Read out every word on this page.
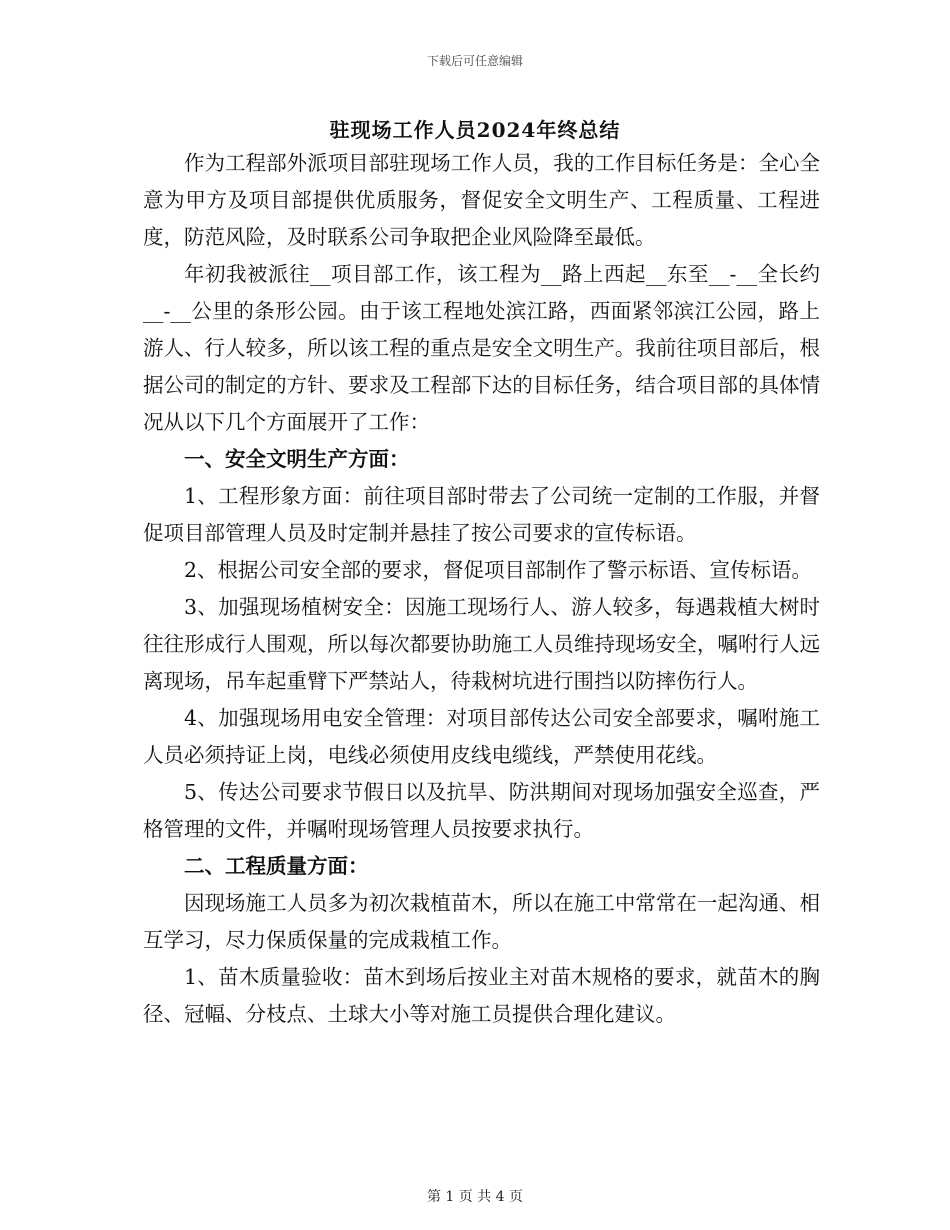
下载后可任意编辑
驻现场工作人员2024年终总结

作为工程部外派项目部驻现场工作人员，我的工作目标任务是：全心全意为甲方及项目部提供优质服务，督促安全文明生产、工程质量、工程进度，防范风险，及时联系公司争取把企业风险降至最低。

年初我被派往__项目部工作，该工程为__路上西起__东至__-__全长约__-__公里的条形公园。由于该工程地处滨江路，西面紧邻滨江公园，路上游人、行人较多，所以该工程的重点是安全文明生产。我前往项目部后，根据公司的制定的方针、要求及工程部下达的目标任务，结合项目部的具体情况从以下几个方面展开了工作：

一、安全文明生产方面：

1、工程形象方面：前往项目部时带去了公司统一定制的工作服，并督促项目部管理人员及时定制并悬挂了按公司要求的宣传标语。

2、根据公司安全部的要求，督促项目部制作了警示标语、宣传标语。

3、加强现场植树安全：因施工现场行人、游人较多，每遇栽植大树时往往形成行人围观，所以每次都要协助施工人员维持现场安全，嘱咐行人远离现场，吊车起重臂下严禁站人，待栽树坑进行围挡以防摔伤行人。

4、加强现场用电安全管理：对项目部传达公司安全部要求，嘱咐施工人员必须持证上岗，电线必须使用皮线电缆线，严禁使用花线。

5、传达公司要求节假日以及抗旱、防洪期间对现场加强安全巡查，严格管理的文件，并嘱咐现场管理人员按要求执行。

二、工程质量方面：

因现场施工人员多为初次栽植苗木，所以在施工中常常在一起沟通、相互学习，尽力保质保量的完成栽植工作。

1、苗木质量验收：苗木到场后按业主对苗木规格的要求，就苗木的胸径、冠幅、分枝点、土球大小等对施工员提供合理化建议。

第 1 页 共 4 页
